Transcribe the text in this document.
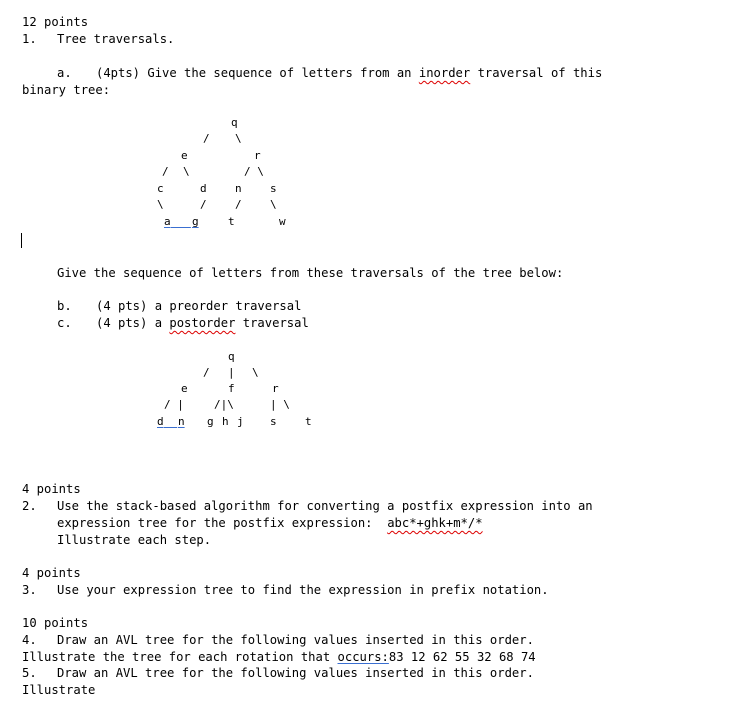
12 points
1. Tree traversals.
a. (4pts) Give the sequence of letters from an inorder traversal of this
binary tree:
q
/ \
e	r
/ \	/ \
c	d	n	s
\	/	/	\
a
g	t	w
Give the sequence of letters from these traversals of the tree below:
b. (4 pts) a preorder traversal
c. (4 pts) a postorder traversal
q
/ | \
e	f	r
/ |	/|\	| \
d
n g h j s	t
4 points
2. Use the stack-based algorithm for converting a postfix expression into an
expression tree for the postfix expression:  abc*+ghk+m*/*
Illustrate each step.
4 points
3. Use your expression tree to find the expression in prefix notation.
10 points
4. Draw an AVL tree for the following values inserted in this order.
Illustrate the tree for each rotation that occurs:83 12 62 55 32 68 74
5. Draw an AVL tree for the following values inserted in this order.
Illustrate
